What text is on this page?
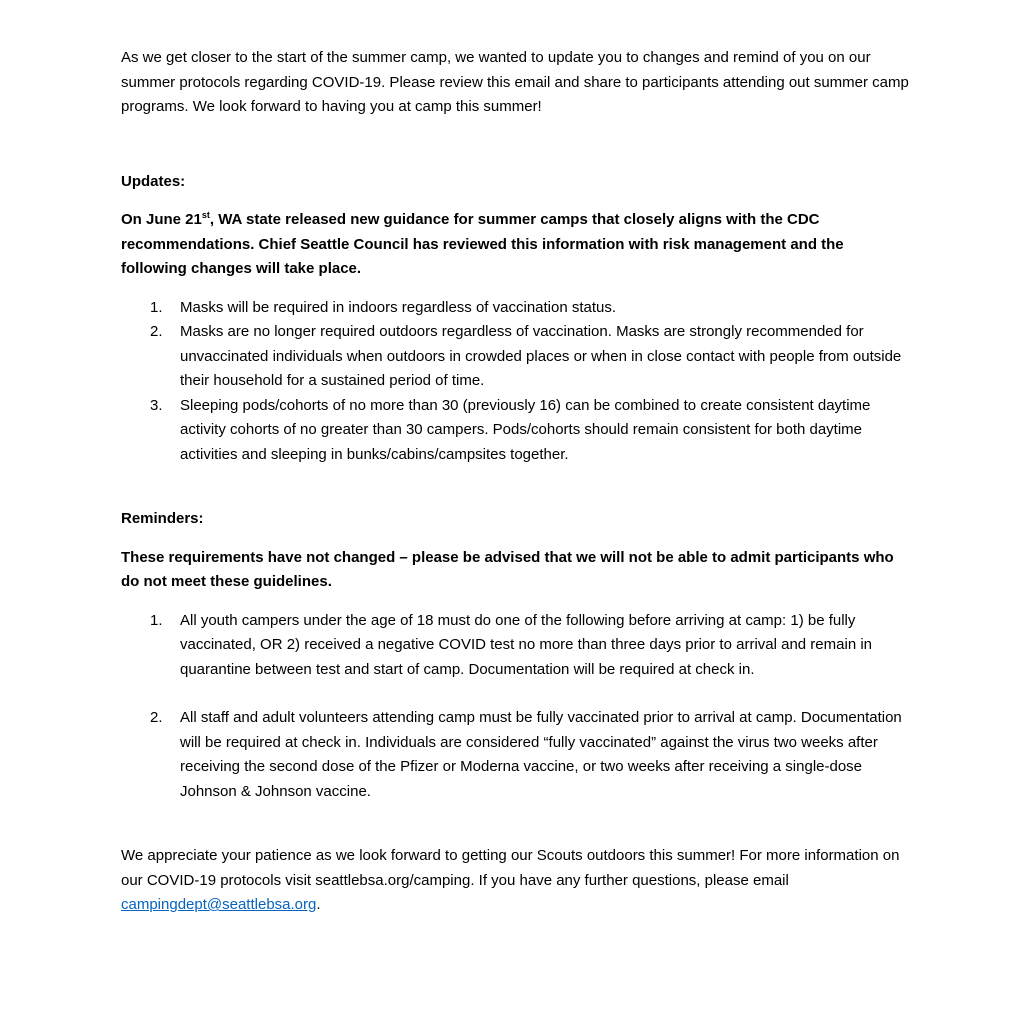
As we get closer to the start of the summer camp, we wanted to update you to changes and remind of you on our summer protocols regarding COVID-19. Please review this email and share to participants attending out summer camp programs. We look forward to having you at camp this summer!

Updates:

On June 21st, WA state released new guidance for summer camps that closely aligns with the CDC recommendations. Chief Seattle Council has reviewed this information with risk management and the following changes will take place.

1. Masks will be required in indoors regardless of vaccination status.
2. Masks are no longer required outdoors regardless of vaccination. Masks are strongly recommended for unvaccinated individuals when outdoors in crowded places or when in close contact with people from outside their household for a sustained period of time.
3. Sleeping pods/cohorts of no more than 30 (previously 16) can be combined to create consistent daytime activity cohorts of no greater than 30 campers. Pods/cohorts should remain consistent for both daytime activities and sleeping in bunks/cabins/campsites together.

Reminders:

These requirements have not changed – please be advised that we will not be able to admit participants who do not meet these guidelines.

1. All youth campers under the age of 18 must do one of the following before arriving at camp: 1) be fully vaccinated, OR 2) received a negative COVID test no more than three days prior to arrival and remain in quarantine between test and start of camp. Documentation will be required at check in.
2. All staff and adult volunteers attending camp must be fully vaccinated prior to arrival at camp. Documentation will be required at check in. Individuals are considered “fully vaccinated” against the virus two weeks after receiving the second dose of the Pfizer or Moderna vaccine, or two weeks after receiving a single-dose Johnson & Johnson vaccine.

We appreciate your patience as we look forward to getting our Scouts outdoors this summer! For more information on our COVID-19 protocols visit seattlebsa.org/camping. If you have any further questions, please email campingdept@seattlebsa.org.
